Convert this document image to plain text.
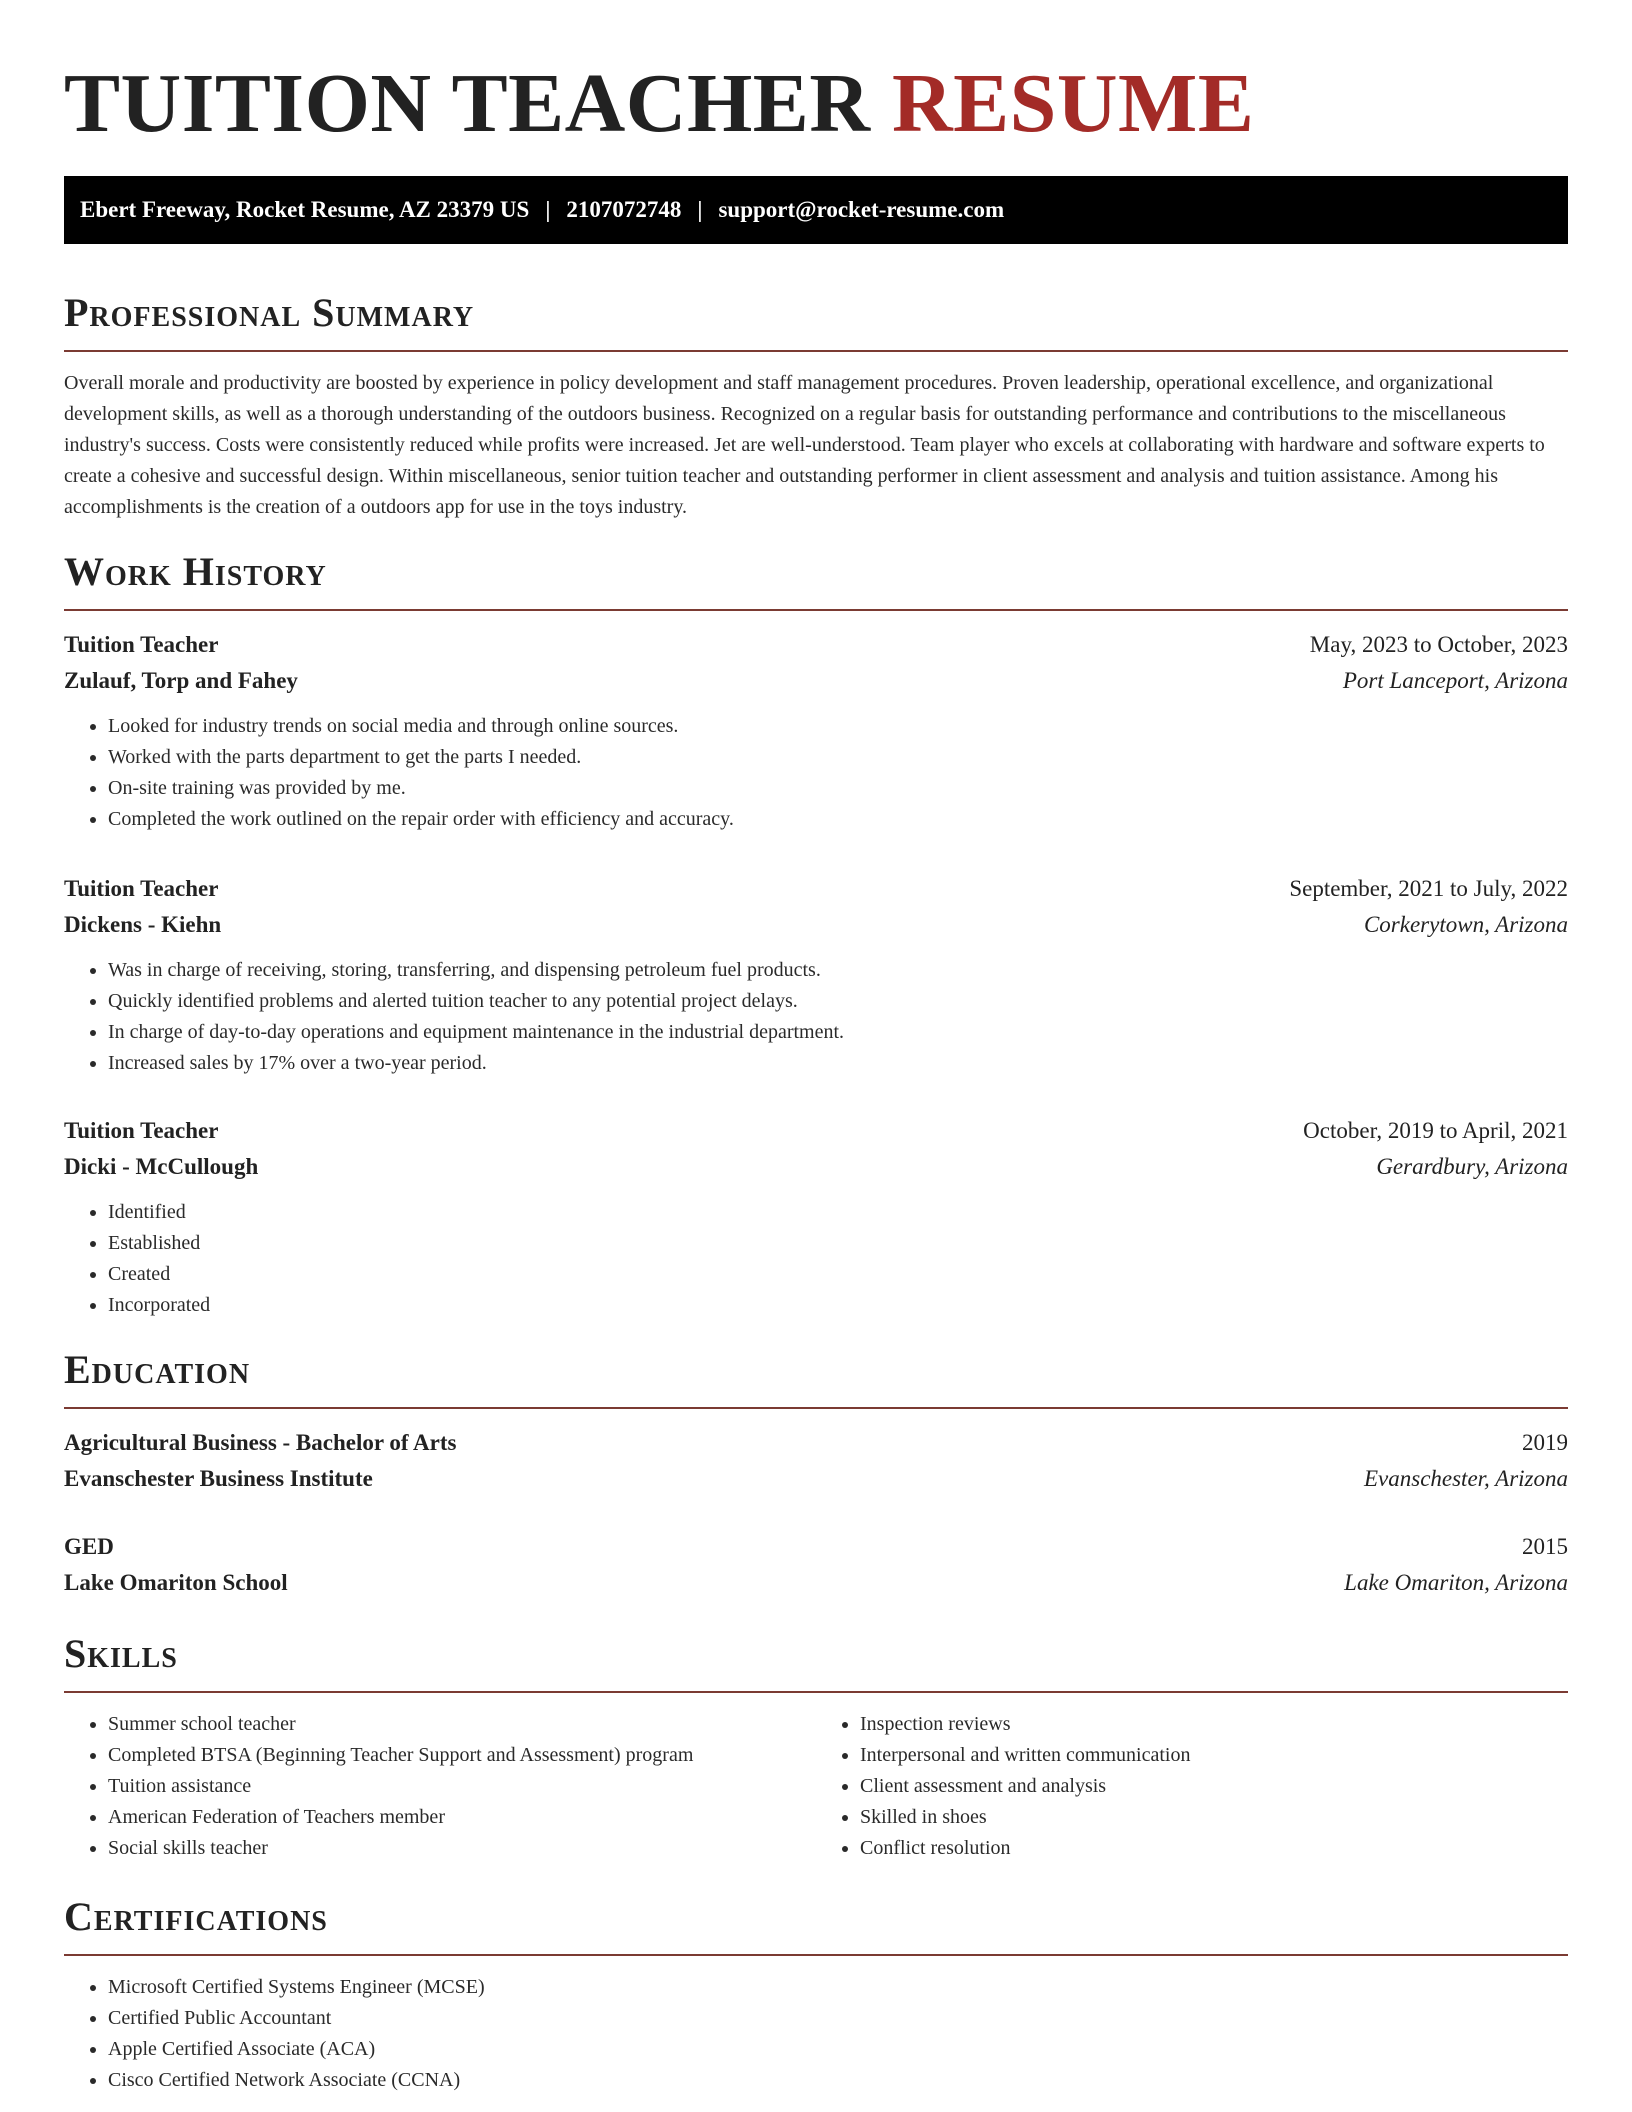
TUITION TEACHER RESUME
Ebert Freeway, Rocket Resume, AZ 23379 US | 2107072748 | support@rocket-resume.com
Professional Summary

Overall morale and productivity are boosted by experience in policy development and staff management procedures. Proven leadership, operational excellence, and organizational development skills, as well as a thorough understanding of the outdoors business. Recognized on a regular basis for outstanding performance and contributions to the miscellaneous industry's success. Costs were consistently reduced while profits were increased. Jet are well-understood. Team player who excels at collaborating with hardware and software experts to create a cohesive and successful design. Within miscellaneous, senior tuition teacher and outstanding performer in client assessment and analysis and tuition assistance. Among his accomplishments is the creation of a outdoors app for use in the toys industry.

Work History
Tuition Teacher	May, 2023 to October, 2023
Zulauf, Torp and Fahey	Port Lanceport, Arizona
• Looked for industry trends on social media and through online sources.
• Worked with the parts department to get the parts I needed.
• On-site training was provided by me.
• Completed the work outlined on the repair order with efficiency and accuracy.
Tuition Teacher	September, 2021 to July, 2022
Dickens - Kiehn	Corkerytown, Arizona
• Was in charge of receiving, storing, transferring, and dispensing petroleum fuel products.
• Quickly identified problems and alerted tuition teacher to any potential project delays.
• In charge of day-to-day operations and equipment maintenance in the industrial department.
• Increased sales by 17% over a two-year period.
Tuition Teacher	October, 2019 to April, 2021
Dicki - McCullough	Gerardbury, Arizona
• Identified
• Established
• Created
• Incorporated
Education
Agricultural Business - Bachelor of Arts	2019
Evanschester Business Institute	Evanschester, Arizona
GED	2015
Lake Omariton School	Lake Omariton, Arizona
Skills
• Summer school teacher
• Completed BTSA (Beginning Teacher Support and Assessment) program
• Tuition assistance
• American Federation of Teachers member
• Social skills teacher
• Inspection reviews
• Interpersonal and written communication
• Client assessment and analysis
• Skilled in shoes
• Conflict resolution
Certifications
• Microsoft Certified Systems Engineer (MCSE)
• Certified Public Accountant
• Apple Certified Associate (ACA)
• Cisco Certified Network Associate (CCNA)
